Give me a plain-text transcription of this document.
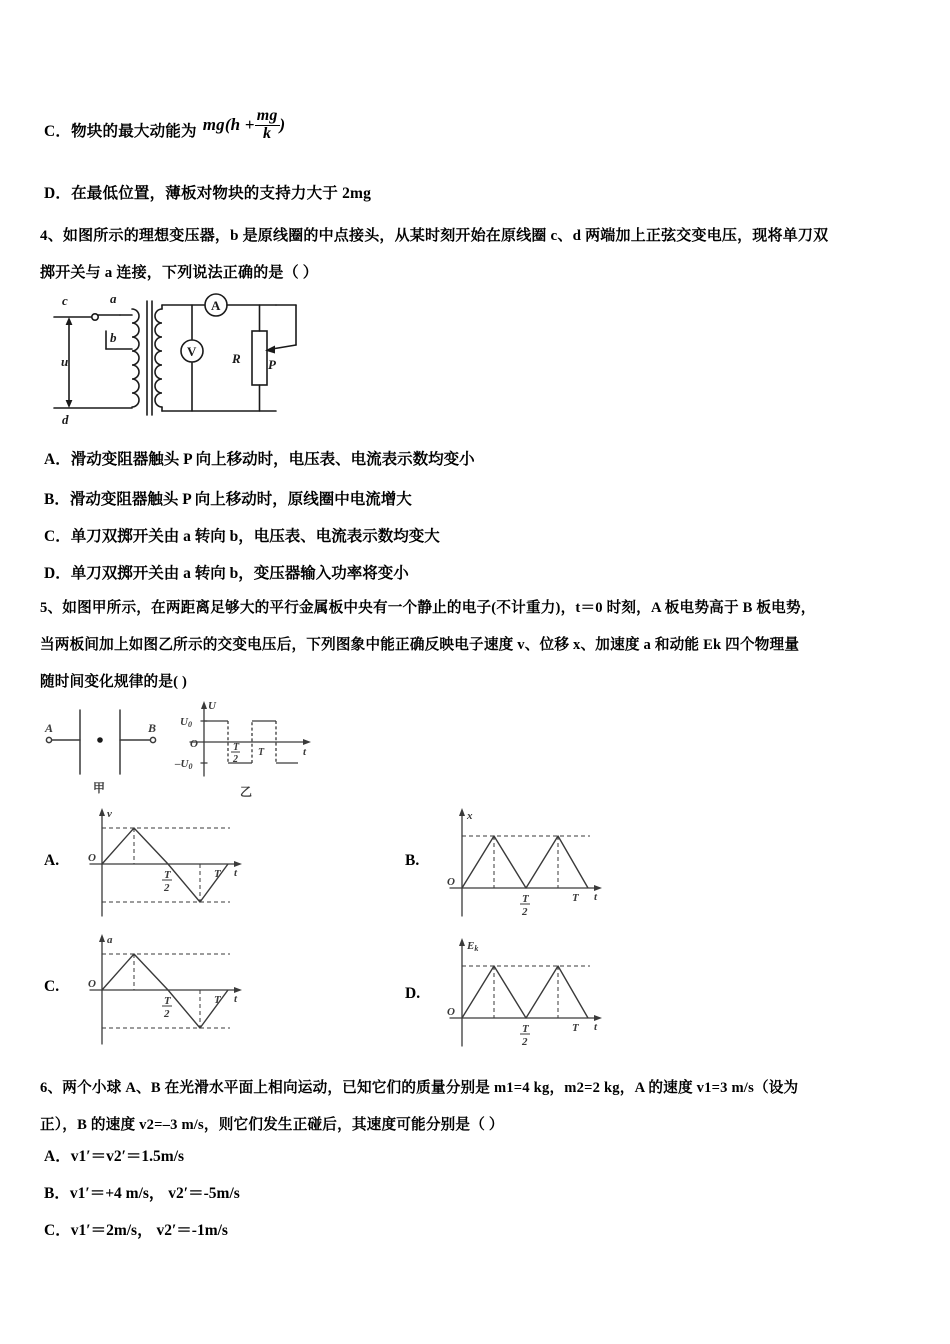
C．物块的最大动能为 $mg(h + \frac{mg}{k}$ )
D．在最低位置，薄板对物块的支持力大于 2mg
4、如图所示的理想变压器，b 是原线圈的中点接头，从某时刻开始在原线圈 c、d 两端加上正弦交变电压，现将单刀双
掷开关与 a 连接，下列说法正确的是（ ）
c	a
b
d
u
A
V	R P
A．滑动变阻器触头 P 向上移动时，电压表、电流表示数均变小
B．滑动变阻器触头 P 向上移动时，原线圈中电流增大
C．单刀双掷开关由 a 转向 b，电压表、电流表示数均变大
D．单刀双掷开关由 a 转向 b，变压器输入功率将变小
5、如图甲所示，在两距离足够大的平行金属板中央有一个静止的电子(不计重力)，t＝0 时刻，A 板电势高于 B 板电势，
当两板间加上如图乙所示的交变电压后，下列图象中能正确反映电子速度 v、位移 x、加速度 a 和动能 Ek 四个物理量
随时间变化规律的是( )
A	B
甲
U
t
O
U0
–U0
T
2
T
乙
A.
v
O
t
T
2
T
B.
x
O
t
T
2
T
C.
a
O
t
T
2
T	D.
Ek
O
t
T
2
T
6、两个小球 A、B 在光滑水平面上相向运动，已知它们的质量分别是 m1=4 kg，m2=2 kg，A 的速度 v1=3 m/s（设为
正），B 的速度 v2=–3 m/s，则它们发生正碰后，其速度可能分别是（ ）
A．v1′＝v2′＝1.5m/s
B．v1′＝+4 m/s， v2′＝-5m/s
C．v1′＝2m/s， v2′＝-1m/s
